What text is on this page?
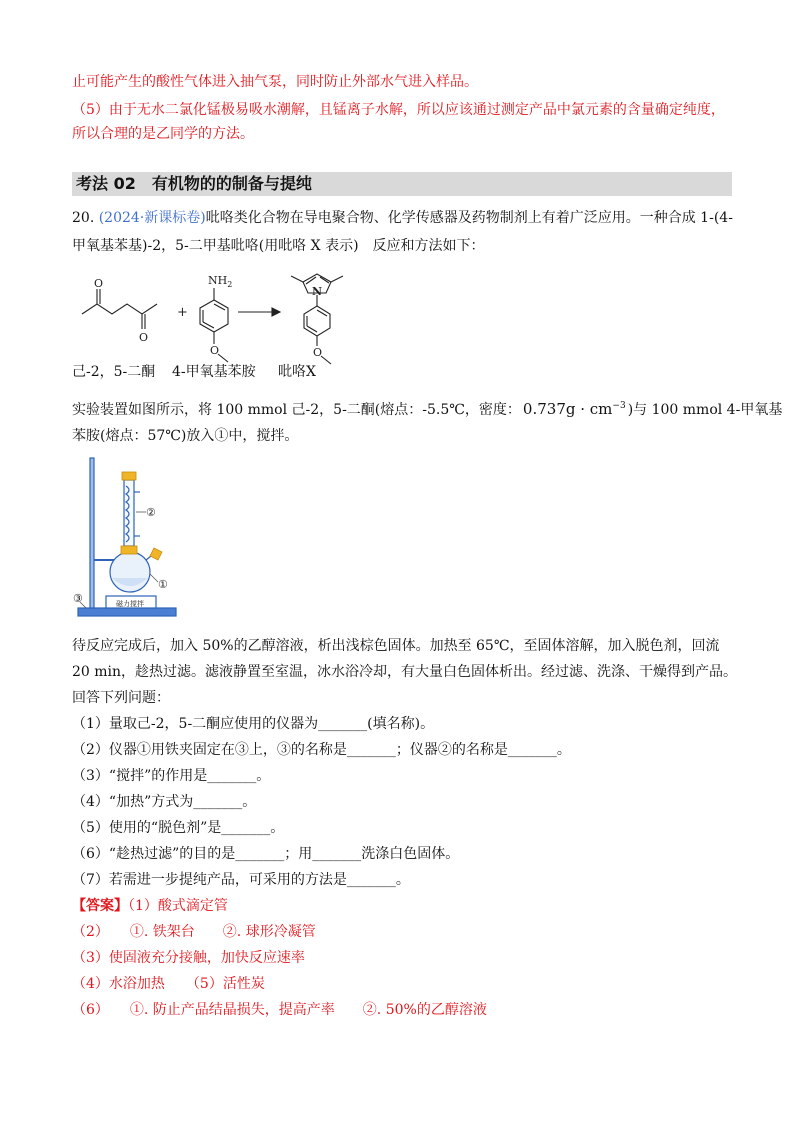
止可能产生的酸性气体进入抽气泵，同时防止外部水气进入样品。
（5）由于无水二氯化锰极易吸水潮解，且锰离子水解，所以应该通过测定产品中氯元素的含量确定纯度，
所以合理的是乙同学的方法。
考法 02　有机物的的制备与提纯
20. (2024·新课标卷)吡咯类化合物在导电聚合物、化学传感器及药物制剂上有着广泛应用。一种合成 1-(4-
甲氧基苯基)-2，5-二甲基吡咯(用吡咯 X 表示)　反应和方法如下：
O
O
+
$NH_2$
O
N
O
己-2，5-二酮 4-甲氧基苯胺 吡咯X
实验装置如图所示，将 100 mmol 己-2，5-二酮(熔点：-5.5℃，密度： $0.737g \cdot cm^{-3}$ )与 100 mmol 4-甲氧基
苯胺(熔点：57℃)放入①中，搅拌。
②
①
③	磁力搅拌
待反应完成后，加入 50%的乙醇溶液，析出浅棕色固体。加热至 65℃，至固体溶解，加入脱色剂，回流
20 min，趁热过滤。滤液静置至室温，冰水浴冷却，有大量白色固体析出。经过滤、洗涤、干燥得到产品。
回答下列问题：
（1）量取己-2，5-二酮应使用的仪器为_______(填名称)。
（2）仪器①用铁夹固定在③上，③的名称是_______；仪器②的名称是_______。
（3）“搅拌”的作用是_______。
（4）“加热”方式为_______。
（5）使用的“脱色剂”是_______。
（6）“趁热过滤”的目的是_______；用_______洗涤白色固体。
（7）若需进一步提纯产品，可采用的方法是_______。
【答案】（1）酸式滴定管
（2）　　①. 铁架台　　②. 球形冷凝管
（3）使固液充分接触，加快反应速率
（4）水浴加热　　（5）活性炭
（6）　　①. 防止产品结晶损失，提高产率　　②. 50%的乙醇溶液
